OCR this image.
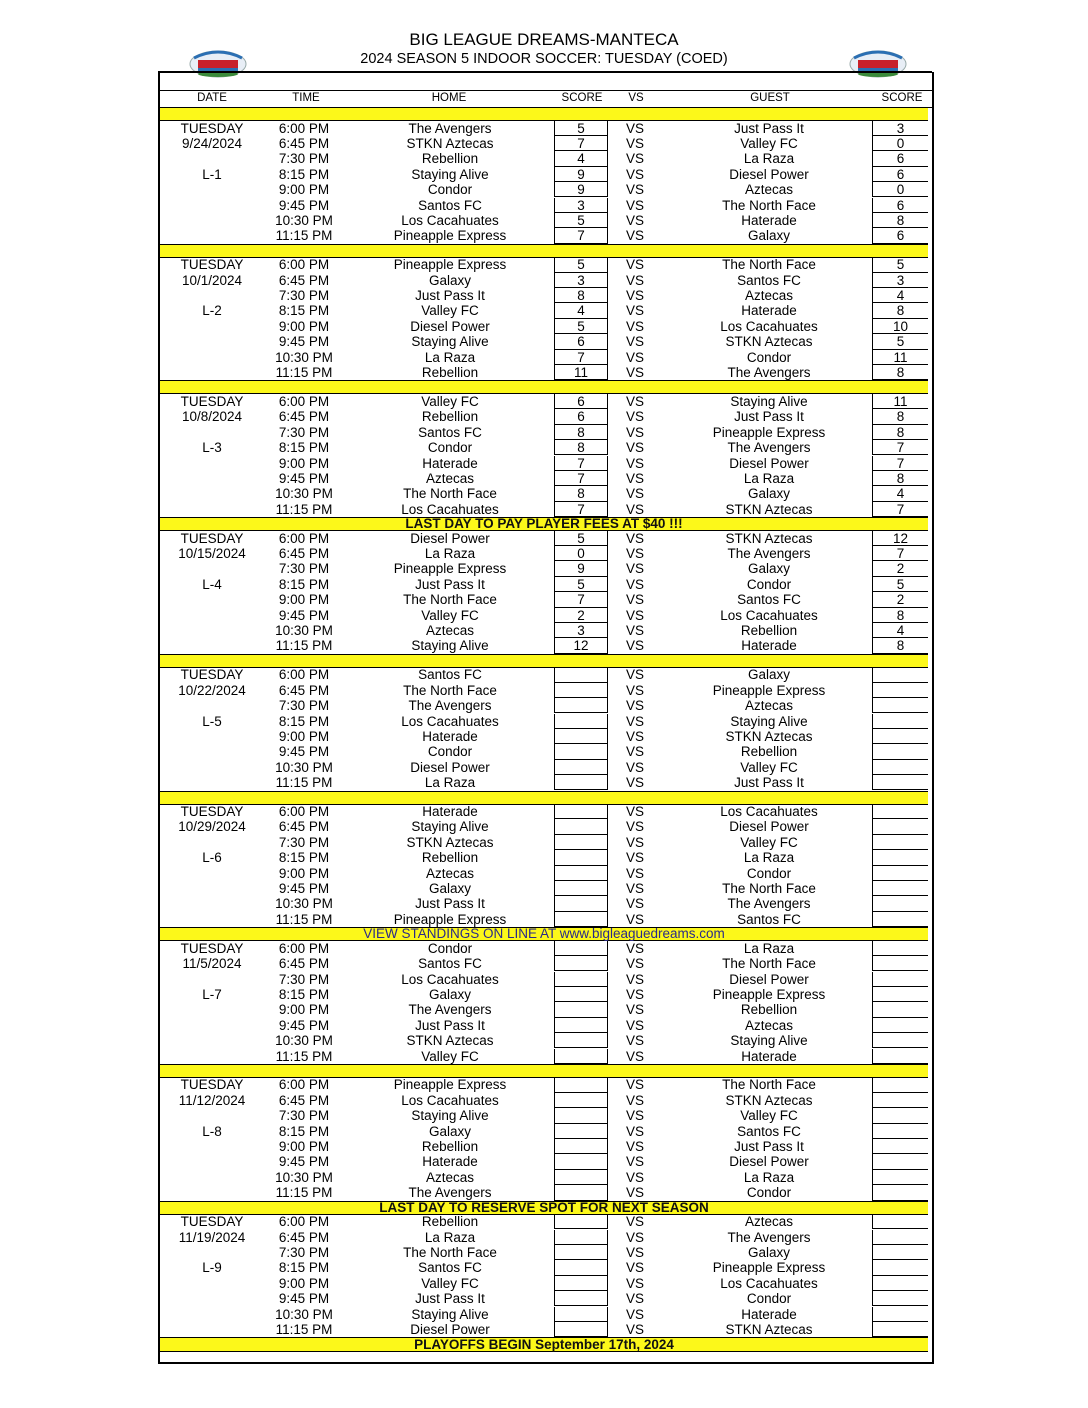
BIG LEAGUE DREAMS-MANTECA
2024 SEASON 5 INDOOR SOCCER: TUESDAY (COED)
DATE	TIME	HOME	SCORE	VS	GUEST	SCORE
TUESDAY	6:00 PM	The Avengers	5	VS	Just Pass It	3
9/24/2024	6:45 PM	STKN Aztecas	7	VS	Valley FC	0
7:30 PM	Rebellion	4	VS	La Raza	6
L-1	8:15 PM	Staying Alive	9	VS	Diesel Power	6
9:00 PM	Condor	9	VS	Aztecas	0
9:45 PM	Santos FC	3	VS	The North Face	6
10:30 PM	Los Cacahuates	5	VS	Haterade	8
11:15 PM	Pineapple Express	7	VS	Galaxy	6
TUESDAY	6:00 PM	Pineapple Express	5	VS	The North Face	5
10/1/2024	6:45 PM	Galaxy	3	VS	Santos FC	3
7:30 PM	Just Pass It	8	VS	Aztecas	4
L-2	8:15 PM	Valley FC	4	VS	Haterade	8
9:00 PM	Diesel Power	5	VS	Los Cacahuates	10
9:45 PM	Staying Alive	6	VS	STKN Aztecas	5
10:30 PM	La Raza	7	VS	Condor	11
11:15 PM	Rebellion	11	VS	The Avengers	8
TUESDAY	6:00 PM	Valley FC	6	VS	Staying Alive	11
10/8/2024	6:45 PM	Rebellion	6	VS	Just Pass It	8
7:30 PM	Santos FC	8	VS	Pineapple Express	8
L-3	8:15 PM	Condor	8	VS	The Avengers	7
9:00 PM	Haterade	7	VS	Diesel Power	7
9:45 PM	Aztecas	7	VS	La Raza	8
10:30 PM	The North Face	8	VS	Galaxy	4
11:15 PM	Los Cacahuates	7	VS	STKN Aztecas	7
LAST DAY TO PAY PLAYER FEES AT $40 !!!
TUESDAY	6:00 PM	Diesel Power	5	VS	STKN Aztecas	12
10/15/2024	6:45 PM	La Raza	0	VS	The Avengers	7
7:30 PM	Pineapple Express	9	VS	Galaxy	2
L-4	8:15 PM	Just Pass It	5	VS	Condor	5
9:00 PM	The North Face	7	VS	Santos FC	2
9:45 PM	Valley FC	2	VS	Los Cacahuates	8
10:30 PM	Aztecas	3	VS	Rebellion	4
11:15 PM	Staying Alive	12	VS	Haterade	8
TUESDAY	6:00 PM	Santos FC	VS	Galaxy
10/22/2024	6:45 PM	The North Face	VS	Pineapple Express
7:30 PM	The Avengers	VS	Aztecas
L-5	8:15 PM	Los Cacahuates	VS	Staying Alive
9:00 PM	Haterade	VS	STKN Aztecas
9:45 PM	Condor	VS	Rebellion
10:30 PM	Diesel Power	VS	Valley FC
11:15 PM	La Raza	VS	Just Pass It
TUESDAY	6:00 PM	Haterade	VS	Los Cacahuates
10/29/2024	6:45 PM	Staying Alive	VS	Diesel Power
7:30 PM	STKN Aztecas	VS	Valley FC
L-6	8:15 PM	Rebellion	VS	La Raza
9:00 PM	Aztecas	VS	Condor
9:45 PM	Galaxy	VS	The North Face
10:30 PM	Just Pass It	VS	The Avengers
11:15 PM	Pineapple Express	VS	Santos FC
VIEW STANDINGS ON LINE AT www.bigleaguedreams.com
TUESDAY	6:00 PM	Condor	VS	La Raza
11/5/2024	6:45 PM	Santos FC	VS	The North Face
7:30 PM	Los Cacahuates	VS	Diesel Power
L-7	8:15 PM	Galaxy	VS	Pineapple Express
9:00 PM	The Avengers	VS	Rebellion
9:45 PM	Just Pass It	VS	Aztecas
10:30 PM	STKN Aztecas	VS	Staying Alive
11:15 PM	Valley FC	VS	Haterade
TUESDAY	6:00 PM	Pineapple Express	VS	The North Face
11/12/2024	6:45 PM	Los Cacahuates	VS	STKN Aztecas
7:30 PM	Staying Alive	VS	Valley FC
L-8	8:15 PM	Galaxy	VS	Santos FC
9:00 PM	Rebellion	VS	Just Pass It
9:45 PM	Haterade	VS	Diesel Power
10:30 PM	Aztecas	VS	La Raza
11:15 PM	The Avengers	VS	Condor
LAST DAY TO RESERVE SPOT FOR NEXT SEASON
TUESDAY	6:00 PM	Rebellion	VS	Aztecas
11/19/2024	6:45 PM	La Raza	VS	The Avengers
7:30 PM	The North Face	VS	Galaxy
L-9	8:15 PM	Santos FC	VS	Pineapple Express
9:00 PM	Valley FC	VS	Los Cacahuates
9:45 PM	Just Pass It	VS	Condor
10:30 PM	Staying Alive	VS	Haterade
11:15 PM	Diesel Power	VS	STKN Aztecas
PLAYOFFS BEGIN September 17th, 2024
